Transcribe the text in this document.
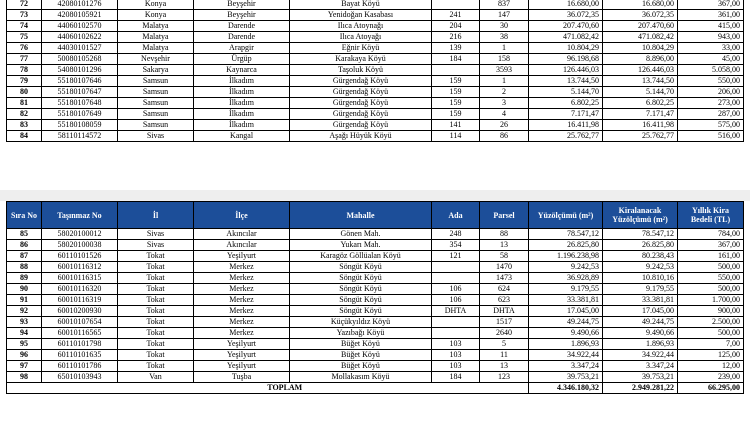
72	42080101276	Konya	Beyşehir	Bayat Köyü		837	16.680,00	16.680,00	367,00
73	42080105921	Konya	Beyşehir	Yenidoğan Kasabası	241	147	36.072,35	36.072,35	361,00
74	44060102570	Malatya	Darende	Ilıca Atoynağı	204	30	207.470,60	207.470,60	415,00
75	44060102622	Malatya	Darende	Ilıca Atoyağı	216	38	471.082,42	471.082,42	943,00
76	44030101527	Malatya	Arapgir	Eğnir Köyü	139	1	10.804,29	10.804,29	33,00
77	50080105268	Nevşehir	Ürgüp	Karakaya Köyü	184	158	96.198,68	8.896,00	45,00
78	54080101296	Sakarya	Kaynarca	Taşoluk Köyü		3593	126.446,03	126.446,03	5.058,00
79	55180107646	Samsun	İlkadım	Gürgendağ Köyü	159	1	13.744,50	13.744,50	550,00
80	55180107647	Samsun	İlkadım	Gürgendağ Köyü	159	2	5.144,70	5.144,70	206,00
81	55180107648	Samsun	İlkadım	Gürgendağ Köyü	159	3	6.802,25	6.802,25	273,00
82	55180107649	Samsun	İlkadım	Gürgendağ Köyü	159	4	7.171,47	7.171,47	287,00
83	55180108059	Samsun	İlkadım	Gürgendağ Köyü	141	26	16.411,98	16.411,98	575,00
84	58110114572	Sivas	Kangal	Aşağı Hüyük Köyü	114	86	25.762,77	25.762,77	516,00
Sıra No	Taşınmaz No	İl	İlçe	Mahalle	Ada	Parsel	Yüzölçümü (m²)	Kiralanacak Yüzölçümü (m²)	Yıllık Kira Bedeli (TL)
85	58020100012	Sivas	Akıncılar	Gönen Mah.	248	88	78.547,12	78.547,12	784,00
86	58020100038	Sivas	Akıncılar	Yukarı Mah.	354	13	26.825,80	26.825,80	367,00
87	60110101526	Tokat	Yeşilyurt	Karagöz Göllüalan Köyü	121	58	1.196.238,98	80.238,43	161,00
88	60010116312	Tokat	Merkez	Söngüt Köyü		1470	9.242,53	9.242,53	500,00
89	60010116315	Tokat	Merkez	Söngüt Köyü		1473	36.928,89	10.810,16	550,00
90	60010116320	Tokat	Merkez	Söngüt Köyü	106	624	9.179,55	9.179,55	500,00
91	60010116319	Tokat	Merkez	Söngüt Köyü	106	623	33.381,81	33.381,81	1.700,00
92	60010200930	Tokat	Merkez	Söngüt Köyü	DHTA	DHTA	17.045,00	17.045,00	900,00
93	60010107654	Tokat	Merkez	Küçükyıldız Köyü		1517	49.244,75	49.244,75	2.500,00
94	60010116565	Tokat	Merkez	Yazıbağı Köyü		2640	9.490,66	9.490,66	500,00
95	60110101798	Tokat	Yeşilyurt	Büğet Köyü	103	5	1.896,93	1.896,93	7,00
96	60110101635	Tokat	Yeşilyurt	Büğet Köyü	103	11	34.922,44	34.922,44	125,00
97	60110101786	Tokat	Yeşilyurt	Büğet Köyü	103	13	3.347,24	3.347,24	12,00
98	65010103943	Van	Tuşba	Mollakasım Köyü	184	123	39.753,21	39.753,21	239,00
	TOPLAM						4.346.180,32	2.949.281,22	66.295,00
